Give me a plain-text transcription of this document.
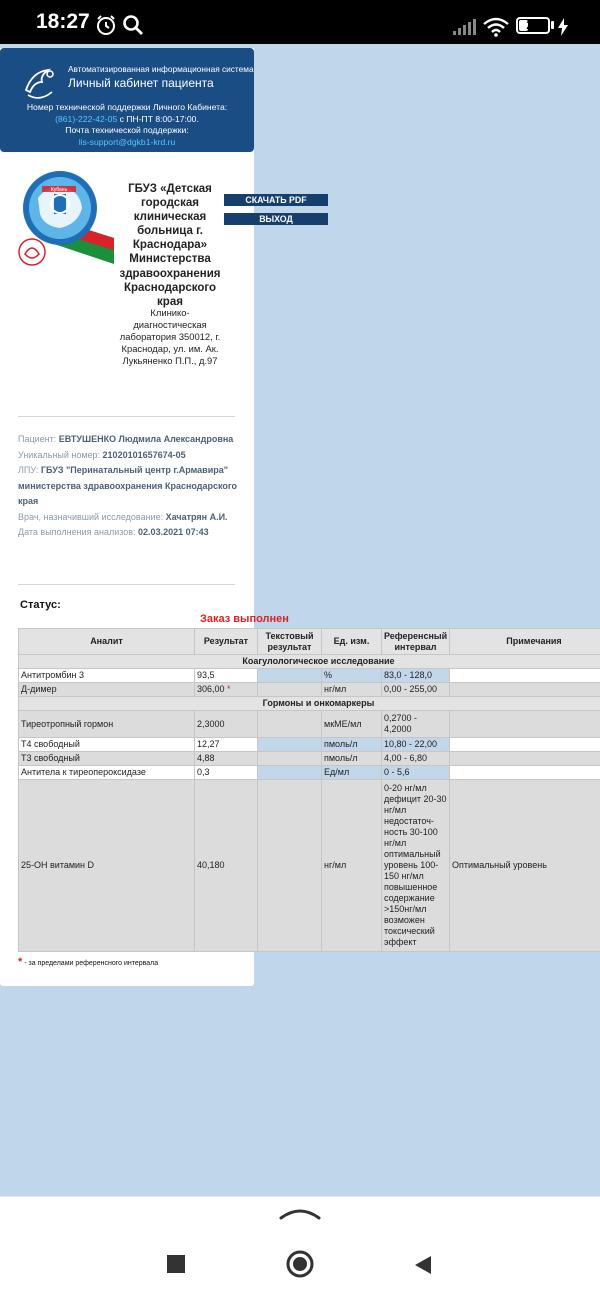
18:27	29
Автоматизированная информационная система
Личный кабинет пациента
Номер технической поддержки Личного Кабинета:
(861)-222-42-05 с ПН-ПТ 8:00-17:00.
Почта технической поддержки:
lis-support@dgkb1-krd.ru
Кубань	ГБУЗ «Детская городская клиническая больница г. Краснодара» Министерства здравоохранения Краснодарского края
Клинико-диагностическая лаборатория 350012, г. Краснодар, ул. им. Ак. Лукьяненко П.П., д.97
СКАЧАТЬ PDF
ВЫХОД
Пациент: ЕВТУШЕНКО Людмила Александровна
Уникальный номер: 21020101657674-05
ЛПУ: ГБУЗ "Перинатальный центр г.Армавира" министерства здравоохранения Краснодарского края
Врач, назначивший исследование: Хачатрян А.И.
Дата выполнения анализов: 02.03.2021 07:43
Статус:
Заказ выполнен
Аналит	Результат	Текстовый результат	Ед. изм.	Референсный интервал	Примечания
Коагулологическое исследование					
Антитромбин 3	93,5		%	83,0 - 128,0	
Д-димер	306,00 *		нг/мл	0,00 - 255,00	
Гормоны и онкомаркеры					
Тиреотропный гормон	2,3000		мкМЕ/мл	0,2700 - 4,2000	
Т4 свободный	12,27		пмоль/л	10,80 - 22,00	
Т3 свободный	4,88		пмоль/л	4,00 - 6,80	
Антитела к тиреопероксидазе	0,3		Ед/мл	0 - 5,6	
25-ОН витамин D	40,180		нг/мл	0-20 нг/мл дефицит 20-30 нг/мл недостаточ-ность 30-100 нг/мл оптимальный уровень 100-150 нг/мл повышенное содержание >150нг/мл возможен токсический эффект	Оптимальный уровень
* - за пределами референсного интервала
